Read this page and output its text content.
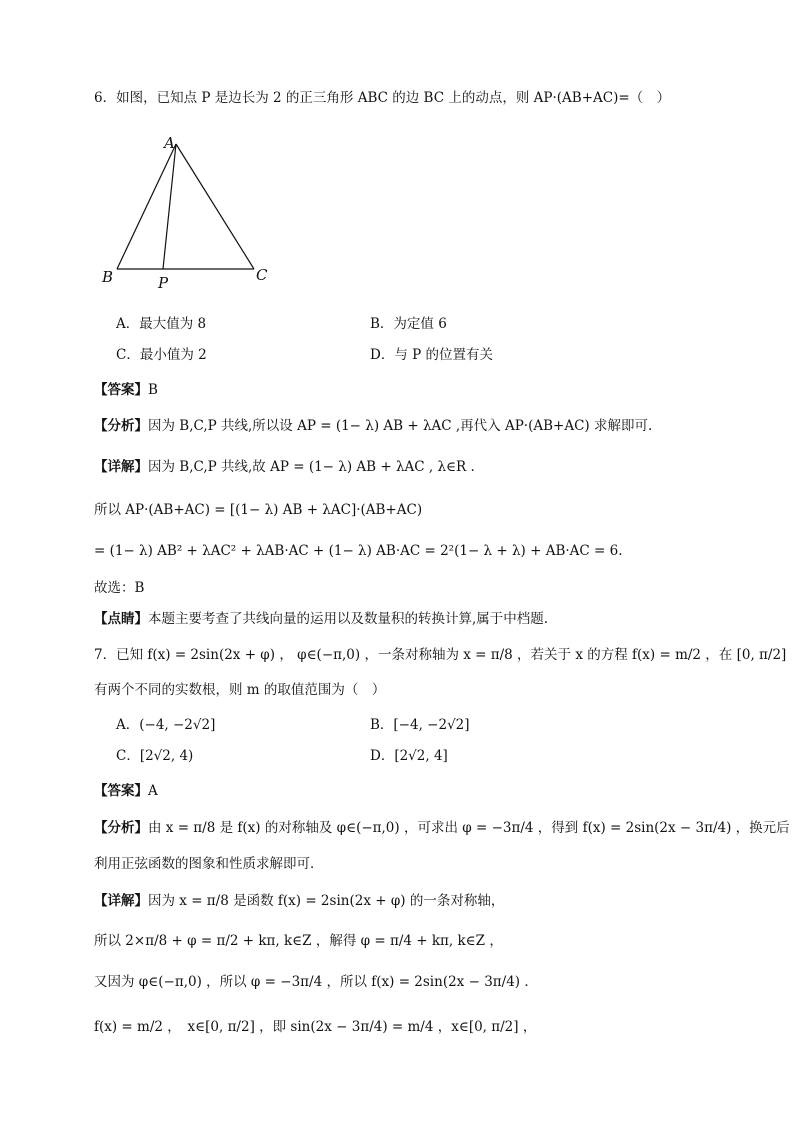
6．如图，已知点 P 是边长为 2 的正三角形 ABC 的边 BC 上的动点，则 AP·(AB+AC)=（　）
A
B	C
P
A．最大值为 8	B．为定值 6
C．最小值为 2	D．与 P 的位置有关
【答案】B
【分析】因为 B,C,P 共线,所以设 AP = (1− λ) AB + λAC ,再代入 AP·(AB+AC) 求解即可.
【详解】因为 B,C,P 共线,故 AP = (1− λ) AB + λAC , λ∈R .
所以 AP·(AB+AC) = [(1− λ) AB + λAC]·(AB+AC)
= (1− λ) AB² + λAC² + λAB·AC + (1− λ) AB·AC = 2²(1− λ + λ) + AB·AC = 6.
故选：B
【点睛】本题主要考查了共线向量的运用以及数量积的转换计算,属于中档题.
7．已知 f(x) = 2sin(2x + φ) ， φ∈(−π,0) ，一条对称轴为 x = π/8 ，若关于 x 的方程 f(x) = m/2 ，在 [0, π/2]
有两个不同的实数根，则 m 的取值范围为（　）
A．(−4, −2√2]	B．[−4, −2√2]
C．[2√2, 4)	D．[2√2, 4]
【答案】A
【分析】由 x = π/8 是 f(x) 的对称轴及 φ∈(−π,0) ，可求出 φ = −3π/4 ，得到 f(x) = 2sin(2x − 3π/4) ，换元后
利用正弦函数的图象和性质求解即可．
【详解】因为 x = π/8 是函数 f(x) = 2sin(2x + φ) 的一条对称轴，
所以 2×π/8 + φ = π/2 + kπ, k∈Z ，解得 φ = π/4 + kπ, k∈Z ，
又因为 φ∈(−π,0) ，所以 φ = −3π/4 ，所以 f(x) = 2sin(2x − 3π/4) ．
f(x) = m/2 ，　x∈[0, π/2] ，即 sin(2x − 3π/4) = m/4 ，x∈[0, π/2] ，
